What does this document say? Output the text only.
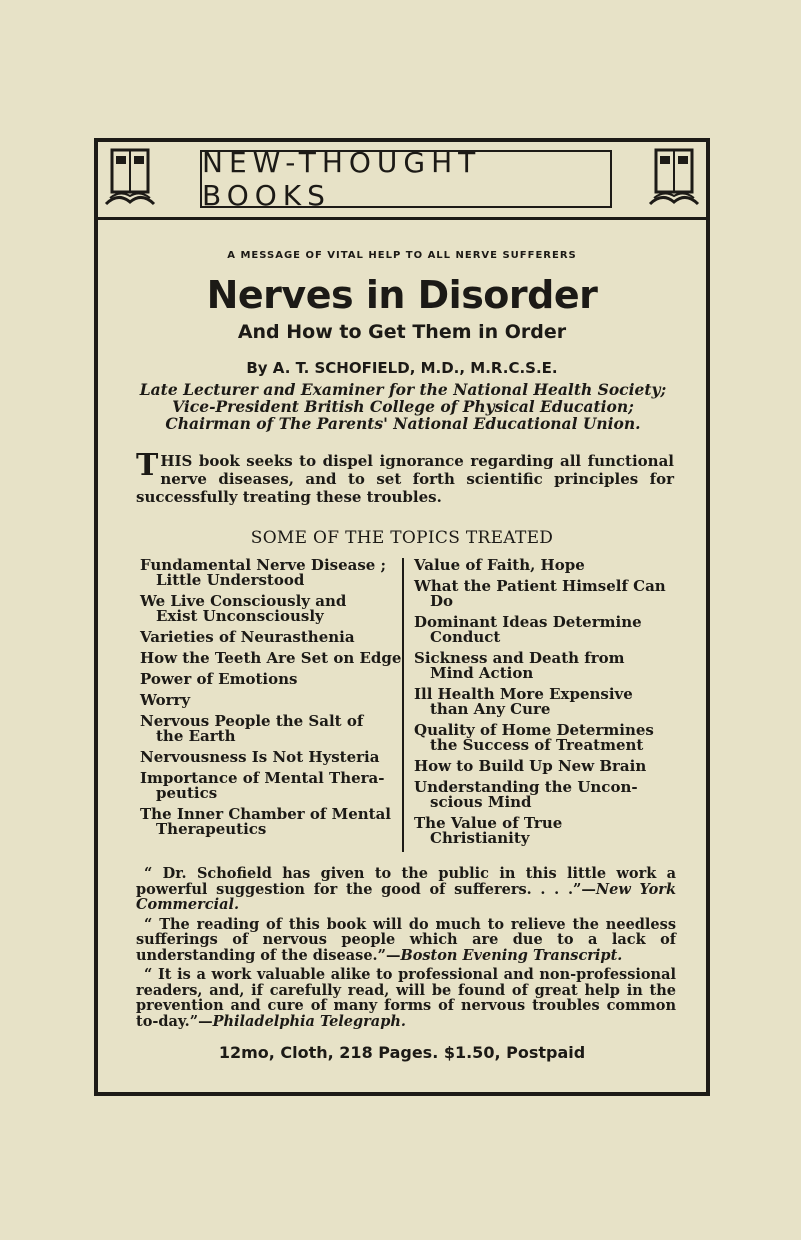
NEW-THOUGHT BOOKS
A MESSAGE OF VITAL HELP TO ALL NERVE SUFFERERS
Nerves in Disorder
And How to Get Them in Order
By A. T. SCHOFIELD, M.D., M.R.C.S.E.
Late Lecturer and Examiner for the National Health Society; Vice-President British College of Physical Education; Chairman of The Parents' National Educational Union.
THIS book seeks to dispel ignorance regarding all functional nerve diseases, and to set forth scientific principles for successfully treating these troubles.
SOME OF THE TOPICS TREATED
Fundamental Nerve Disease ;
Little Understood
We Live Consciously and
Exist Unconsciously
Varieties of Neurasthenia
How the Teeth Are Set on Edge
Power of Emotions
Worry
Nervous People the Salt of
the Earth
Nervousness Is Not Hysteria
Importance of Mental Thera-
peutics
The Inner Chamber of Mental
Therapeutics
Value of Faith, Hope
What the Patient Himself Can
Do
Dominant Ideas Determine
Conduct
Sickness and Death from
Mind Action
Ill Health More Expensive
than Any Cure
Quality of Home Determines
the Success of Treatment
How to Build Up New Brain
Understanding the Uncon-
scious Mind
The Value of True
Christianity
“ Dr. Schofield has given to the public in this little work a powerful suggestion for the good of sufferers. . . .”—New York Commercial.
“ The reading of this book will do much to relieve the needless sufferings of nervous people which are due to a lack of understanding of the disease.”—Boston Evening Transcript.
“ It is a work valuable alike to professional and non-professional readers, and, if carefully read, will be found of great help in the prevention and cure of many forms of nervous troubles common to-day.”—Philadelphia Telegraph.
12mo, Cloth, 218 Pages. $1.50, Postpaid
